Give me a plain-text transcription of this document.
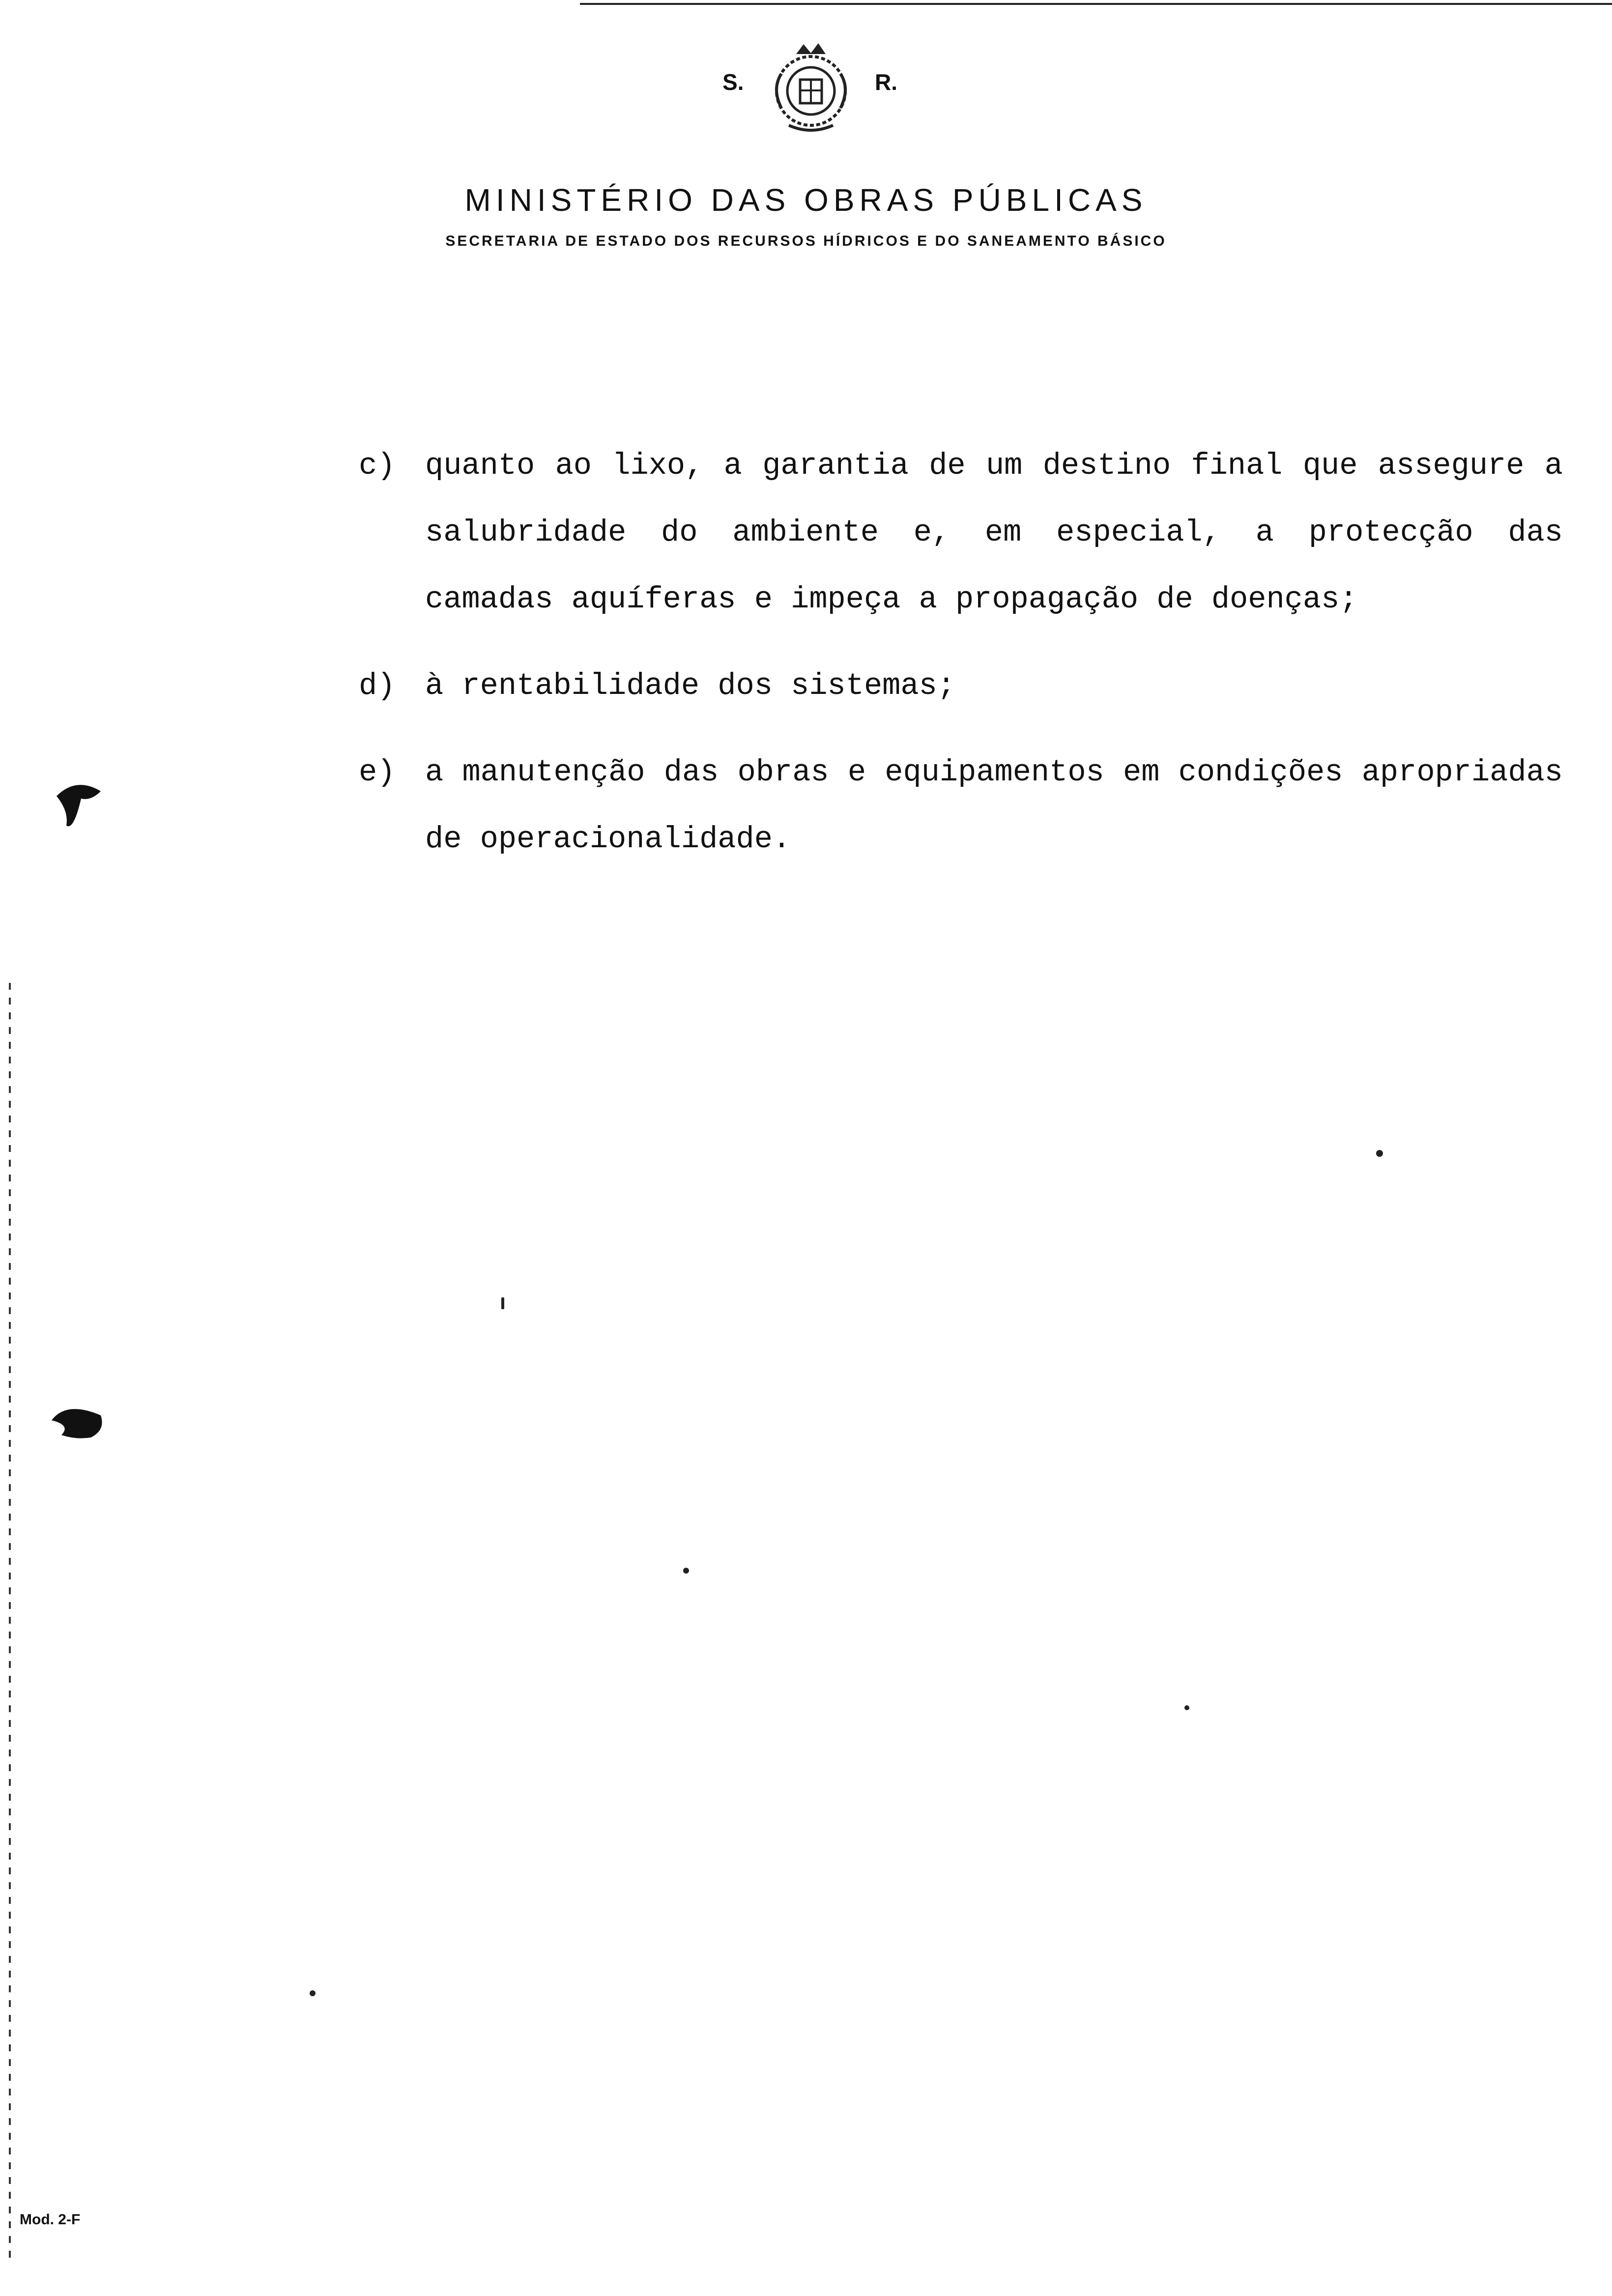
S.	R.
MINISTÉRIO DAS OBRAS PÚBLICAS
SECRETARIA DE ESTADO DOS RECURSOS HÍDRICOS E DO SANEAMENTO BÁSICO
c) quanto ao lixo, a garantia de um destino final que assegure a salubridade do ambiente e, em especial, a protecção das camadas aquíferas e impeça a propagação de doenças;
d) à rentabilidade dos sistemas;
e) a manutenção das obras e equipamentos em condições apropriadas de operacionalidade.
Mod. 2-F
